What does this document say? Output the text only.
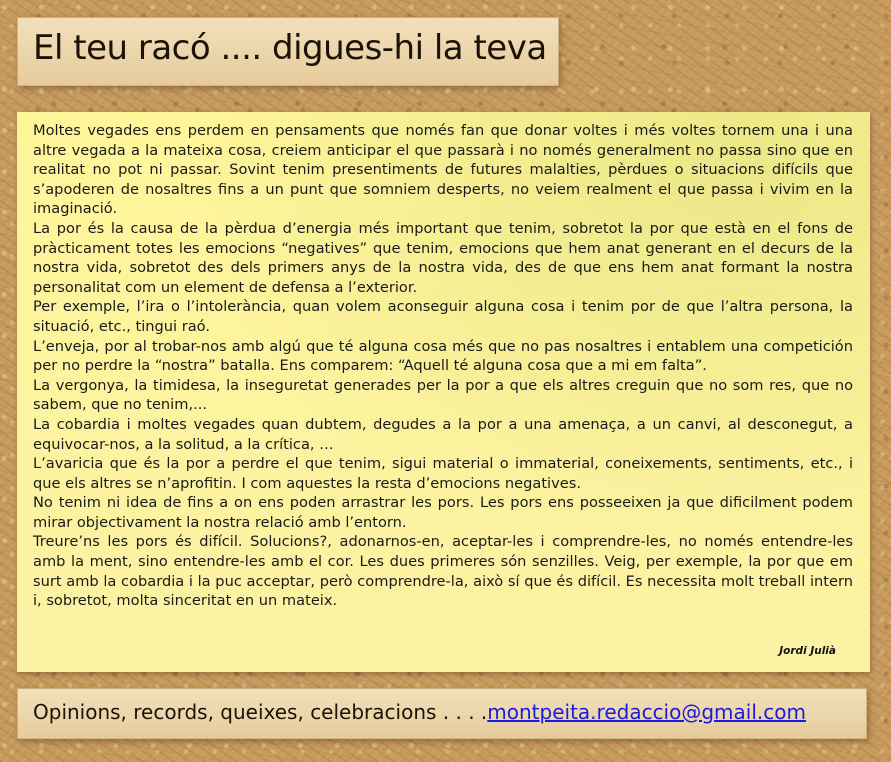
El teu racó .... digues-hi la teva

Moltes vegades ens perdem en pensaments que només fan que donar voltes i més voltes tornem una i una altre vegada a la mateixa cosa, creiem anticipar el que passarà i no només generalment no passa sino que en realitat no pot ni passar. Sovint tenim presentiments de futures malalties, pèrdues o situacions difícils que s’apoderen de nosaltres fins a un punt que somniem desperts, no veiem realment el que passa i vivim en la imaginació.

La por és la causa de la pèrdua d’energia més important que tenim, sobretot la por que està en el fons de pràcticament totes les emocions “negatives” que tenim, emocions que hem anat generant en el decurs de la nostra vida, sobretot des dels primers anys de la nostra vida, des de que ens hem anat formant la nostra personalitat com un element de defensa a l’exterior.

Per exemple, l’ira o l’intolerància, quan volem aconseguir alguna cosa i tenim por de que l’altra persona, la situació, etc., tingui raó.

L’enveja, por al trobar-nos amb algú que té alguna cosa més que no pas nosaltres i entablem una competición per no perdre la “nostra” batalla. Ens comparem: “Aquell té alguna cosa que a mi em falta”.

La vergonya, la timidesa, la inseguretat generades per la por a que els altres creguin que no som res, que no sabem, que no tenim,...

La cobardia i moltes vegades quan dubtem, degudes a la por a una amenaça, a un canvi, al desconegut, a equivocar-nos, a la solitud, a la crítica, …

L’avaricia que és la por a perdre el que tenim, sigui material o immaterial, coneixements, sentiments, etc., i que els altres se n’aprofitin. I com aquestes la resta d’emocions negatives.

No tenim ni idea de fins a on ens poden arrastrar les pors. Les pors ens posseeixen ja que dificilment podem mirar objectivament la nostra relació amb l’entorn.

Treure’ns les pors és difícil. Solucions?, adonarnos-en, aceptar-les i comprendre-les, no només entendre-les amb la ment, sino entendre-les amb el cor. Les dues primeres són senzilles. Veig, per exemple, la por que em surt amb la cobardia i la puc acceptar, però comprendre-la, això sí que és difícil. Es necessita molt treball intern i, sobretot, molta sinceritat en un mateix.

Jordi Julià
Opinions, records, queixes, celebracions . . . .montpeita.redaccio@gmail.com
